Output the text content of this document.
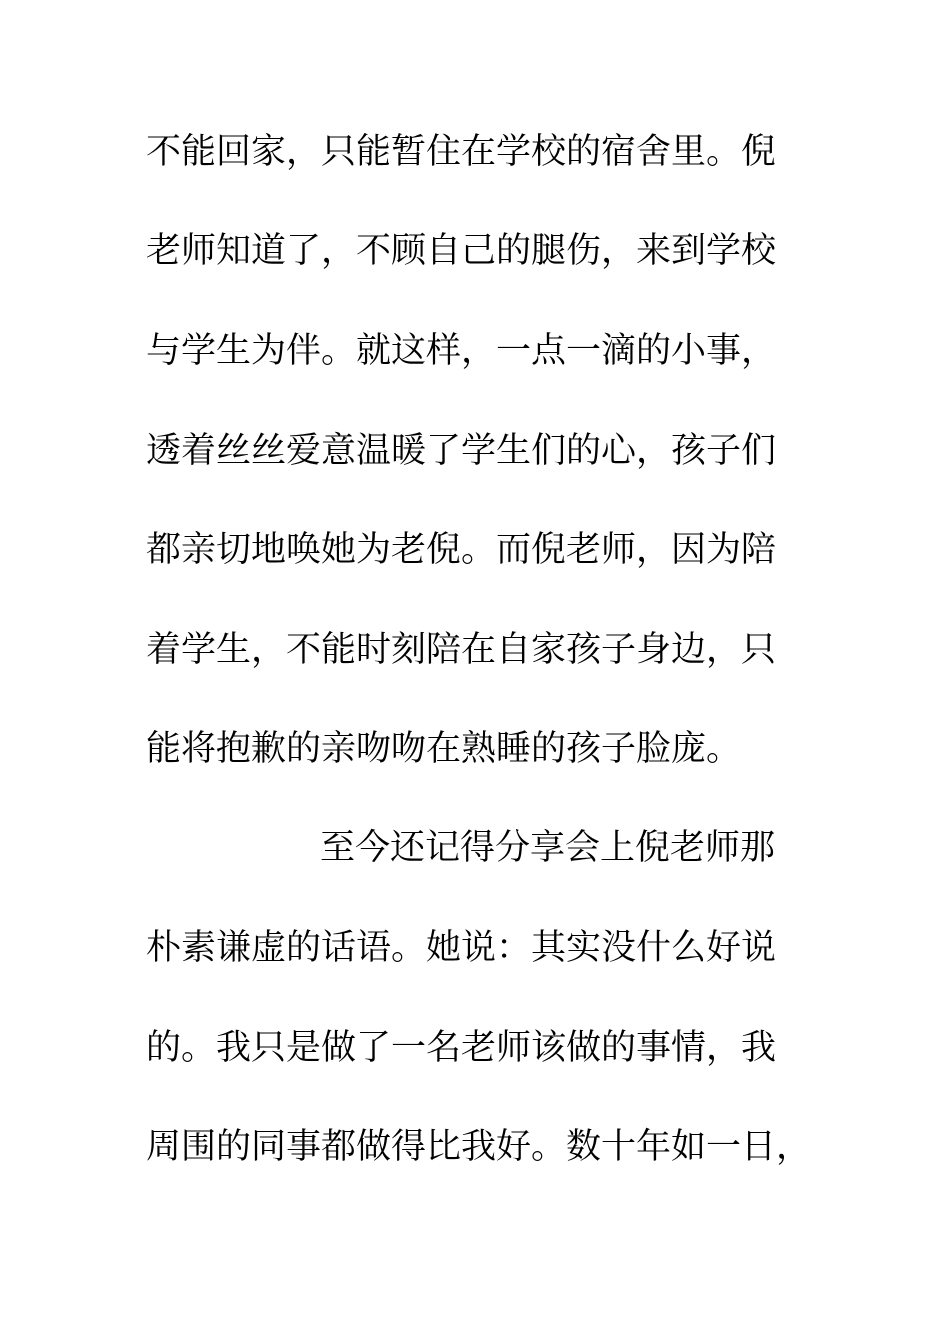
不能回家，只能暂住在学校的宿舍里。倪
老师知道了，不顾自己的腿伤，来到学校
与学生为伴。就这样，一点一滴的小事，
透着丝丝爱意温暖了学生们的心，孩子们
都亲切地唤她为老倪。而倪老师，因为陪
着学生，不能时刻陪在自家孩子身边，只
能将抱歉的亲吻吻在熟睡的孩子脸庞。
至今还记得分享会上倪老师那
朴素谦虚的话语。她说：其实没什么好说
的。我只是做了一名老师该做的事情，我
周围的同事都做得比我好。数十年如一日，
